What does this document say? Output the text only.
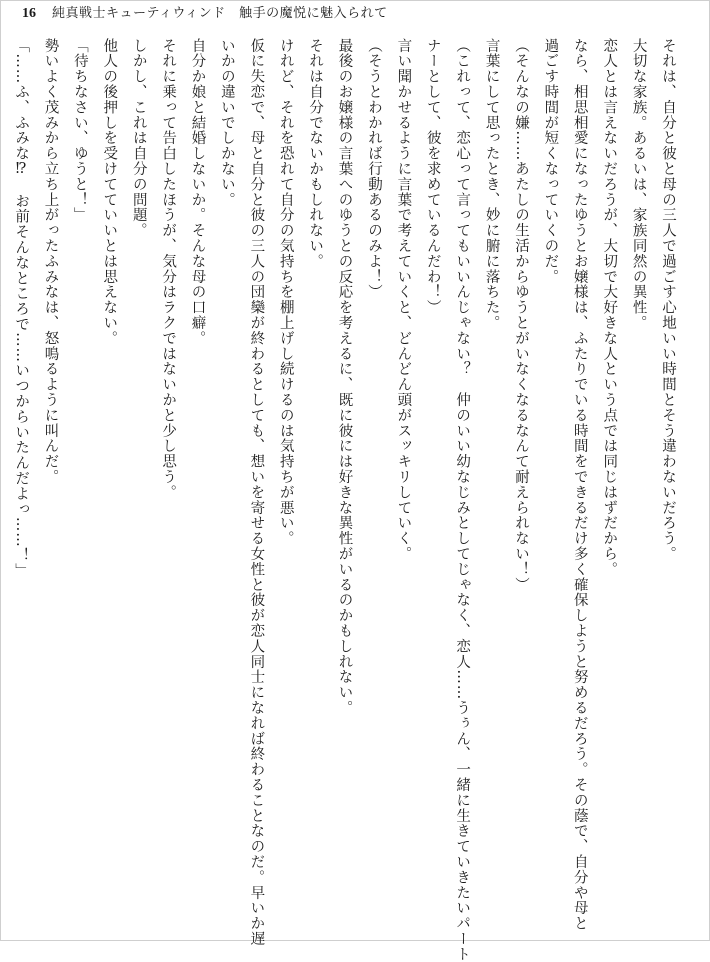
16 純真戦士キューティウィンド　触手の魔悦に魅入られて

それは、自分と彼と母の三人で過ごす心地いい時間とそう違わないだろう。

大切な家族。あるいは、家族同然の異性。

恋人とは言えないだろうが、大切で大好きな人という点では同じはずだから。

なら、相思相愛になったゆうとお嬢様は、ふたりでいる時間をできるだけ多く確保しようと努めるだろう。その蔭で、自分や母と

過ごす時間が短くなっていくのだ。

（そんなの嫌……あたしの生活からゆうとがいなくなるなんて耐えられない！）

言葉にして思ったとき、妙に腑に落ちた。

（これって、恋心って言ってもいいんじゃない？　仲のいい幼なじみとしてじゃなく、恋人……うぅん、一緒に生きていきたいパート

ナーとして、彼を求めているんだわ！）

言い聞かせるように言葉で考えていくと、どんどん頭がスッキリしていく。

（そうとわかれば行動あるのみよ！）

最後のお嬢様の言葉へのゆうとの反応を考えるに、既に彼には好きな異性がいるのかもしれない。

それは自分でないかもしれない。

けれど、それを恐れて自分の気持ちを棚上げし続けるのは気持ちが悪い。

仮に失恋で、母と自分と彼の三人の団欒が終わるとしても、想いを寄せる女性と彼が恋人同士になれば終わることなのだ。早いか遅

いかの違いでしかない。

自分か娘と結婚しないか。そんな母の口癖。

それに乗って告白したほうが、気分はラクではないかと少し思う。

しかし、これは自分の問題。

他人の後押しを受けてていいとは思えない。

「待ちなさい、ゆうと！」

勢いよく茂みから立ち上がったふみなは、怒鳴るように叫んだ。

「……ふ、ふみな⁉　お前そんなところで……いつからいたんだよっ……！」
